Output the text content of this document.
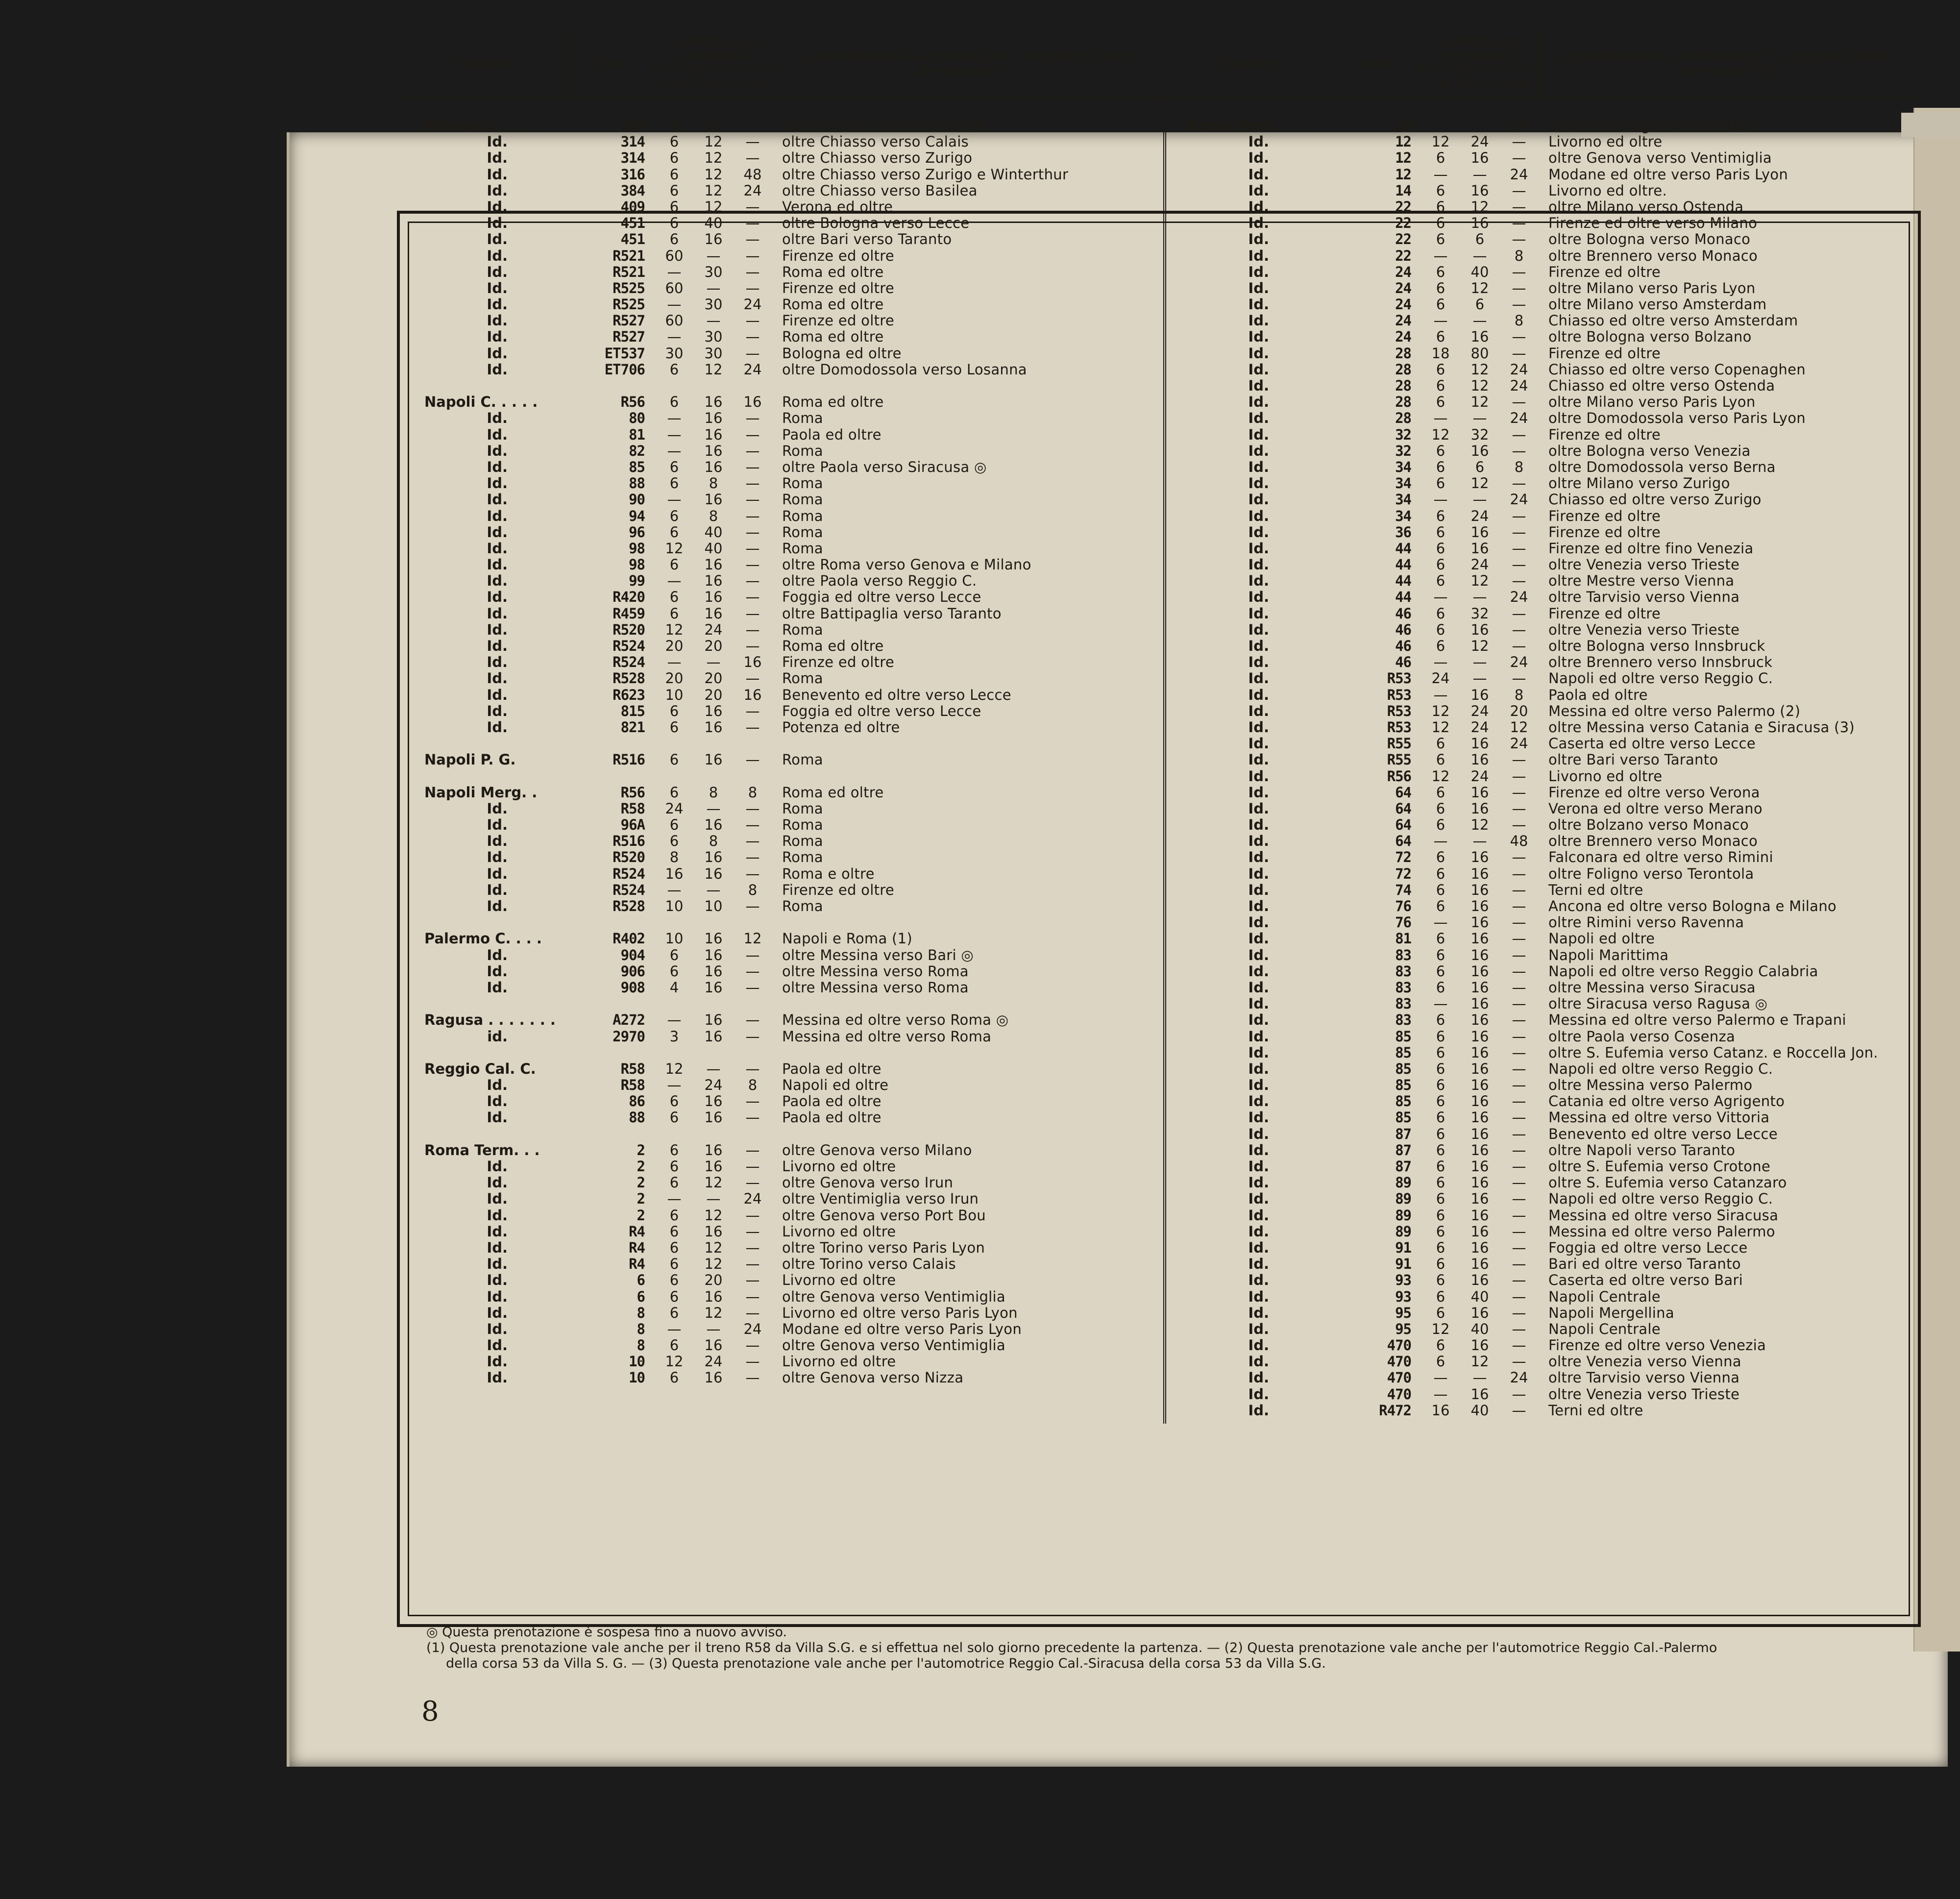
Stazione	Treno
Quantità posti prenotabili
1 cl. 2 cl. 3 cl.
La prenotazione è ammessa per i viaggiatori diretti alle stazioni di
Milano C. . . . .	314	6	12	—	oltre Chiasso verso Paris Est
Id.	314	6	12	—	oltre Chiasso verso Calais
Id.	314	6	12	—	oltre Chiasso verso Zurigo
Id.	316	6	12	48	oltre Chiasso verso Zurigo e Winterthur
Id.	384	6	12	24	oltre Chiasso verso Basilea
Id.	409	6	12	—	Verona ed oltre
Id.	451	6	40	—	oltre Bologna verso Lecce
Id.	451	6	16	—	oltre Bari verso Taranto
Id.	R521	60	—	—	Firenze ed oltre
Id.	R521	—	30	—	Roma ed oltre
Id.	R525	60	—	—	Firenze ed oltre
Id.	R525	—	30	24	Roma ed oltre
Id.	R527	60	—	—	Firenze ed oltre
Id.	R527	—	30	—	Roma ed oltre
Id.	ET537	30	30	—	Bologna ed oltre
Id.	ET706	6	12	24	oltre Domodossola verso Losanna
Napoli C. . . . .	R56	6	16	16	Roma ed oltre
Id.	80	—	16	—	Roma
Id.	81	—	16	—	Paola ed oltre
Id.	82	—	16	—	Roma
Id.	85	6	16	—	oltre Paola verso Siracusa ◎
Id.	88	6	8	—	Roma
Id.	90	—	16	—	Roma
Id.	94	6	8	—	Roma
Id.	96	6	40	—	Roma
Id.	98	12	40	—	Roma
Id.	98	6	16	—	oltre Roma verso Genova e Milano
Id.	99	—	16	—	oltre Paola verso Reggio C.
Id.	R420	6	16	—	Foggia ed oltre verso Lecce
Id.	R459	6	16	—	oltre Battipaglia verso Taranto
Id.	R520	12	24	—	Roma
Id.	R524	20	20	—	Roma ed oltre
Id.	R524	—	—	16	Firenze ed oltre
Id.	R528	20	20	—	Roma
Id.	R623	10	20	16	Benevento ed oltre verso Lecce
Id.	815	6	16	—	Foggia ed oltre verso Lecce
Id.	821	6	16	—	Potenza ed oltre
Napoli P. G.	R516	6	16	—	Roma
Napoli Merg. .	R56	6	8	8	Roma ed oltre
Id.	R58	24	—	—	Roma
Id.	96A	6	16	—	Roma
Id.	R516	6	8	—	Roma
Id.	R520	8	16	—	Roma
Id.	R524	16	16	—	Roma e oltre
Id.	R524	—	—	8	Firenze ed oltre
Id.	R528	10	10	—	Roma
Palermo C. . . .	R402	10	16	12	Napoli e Roma (1)
Id.	904	6	16	—	oltre Messina verso Bari ◎
Id.	906	6	16	—	oltre Messina verso Roma
Id.	908	4	16	—	oltre Messina verso Roma
Ragusa . . . . . . .	A272	—	16	—	Messina ed oltre verso Roma ◎
id.	2970	3	16	—	Messina ed oltre verso Roma
Reggio Cal. C.	R58	12	—	—	Paola ed oltre
Id.	R58	—	24	8	Napoli ed oltre
Id.	86	6	16	—	Paola ed oltre
Id.	88	6	16	—	Paola ed oltre
Roma Term. . .	2	6	16	—	oltre Genova verso Milano
Id.	2	6	16	—	Livorno ed oltre
Id.	2	6	12	—	oltre Genova verso Irun
Id.	2	—	—	24	oltre Ventimiglia verso Irun
Id.	2	6	12	—	oltre Genova verso Port Bou
Id.	R4	6	16	—	Livorno ed oltre
Id.	R4	6	12	—	oltre Torino verso Paris Lyon
Id.	R4	6	12	—	oltre Torino verso Calais
Id.	6	6	20	—	Livorno ed oltre
Id.	6	6	16	—	oltre Genova verso Ventimiglia
Id.	8	6	12	—	Livorno ed oltre verso Paris Lyon
Id.	8	—	—	24	Modane ed oltre verso Paris Lyon
Id.	8	6	16	—	oltre Genova verso Ventimiglia
Id.	10	12	24	—	Livorno ed oltre
Id.	10	6	16	—	oltre Genova verso Nizza
Stazione	Treno
Quantità posti prenotabili
1 cl. 2 cl. 3 cl.
La prenotazione è ammessa per i viaggiatori diretti alle stazioni di
Roma Term. . .	10	—	—	24	oltre Ventimiglia verso Nizza
Id.	12	12	24	—	Livorno ed oltre
Id.	12	6	16	—	oltre Genova verso Ventimiglia
Id.	12	—	—	24	Modane ed oltre verso Paris Lyon
Id.	14	6	16	—	Livorno ed oltre.
Id.	22	6	12	—	oltre Milano verso Ostenda
Id.	22	6	16	—	Firenze ed oltre verso Milano
Id.	22	6	6	—	oltre Bologna verso Monaco
Id.	22	—	—	8	oltre Brennero verso Monaco
Id.	24	6	40	—	Firenze ed oltre
Id.	24	6	12	—	oltre Milano verso Paris Lyon
Id.	24	6	6	—	oltre Milano verso Amsterdam
Id.	24	—	—	8	Chiasso ed oltre verso Amsterdam
Id.	24	6	16	—	oltre Bologna verso Bolzano
Id.	28	18	80	—	Firenze ed oltre
Id.	28	6	12	24	Chiasso ed oltre verso Copenaghen
Id.	28	6	12	24	Chiasso ed oltre verso Ostenda
Id.	28	6	12	—	oltre Milano verso Paris Lyon
Id.	28	—	—	24	oltre Domodossola verso Paris Lyon
Id.	32	12	32	—	Firenze ed oltre
Id.	32	6	16	—	oltre Bologna verso Venezia
Id.	34	6	6	8	oltre Domodossola verso Berna
Id.	34	6	12	—	oltre Milano verso Zurigo
Id.	34	—	—	24	Chiasso ed oltre verso Zurigo
Id.	34	6	24	—	Firenze ed oltre
Id.	36	6	16	—	Firenze ed oltre
Id.	44	6	16	—	Firenze ed oltre fino Venezia
Id.	44	6	24	—	oltre Venezia verso Trieste
Id.	44	6	12	—	oltre Mestre verso Vienna
Id.	44	—	—	24	oltre Tarvisio verso Vienna
Id.	46	6	32	—	Firenze ed oltre
Id.	46	6	16	—	oltre Venezia verso Trieste
Id.	46	6	12	—	oltre Bologna verso Innsbruck
Id.	46	—	—	24	oltre Brennero verso Innsbruck
Id.	R53	24	—	—	Napoli ed oltre verso Reggio C.
Id.	R53	—	16	8	Paola ed oltre
Id.	R53	12	24	20	Messina ed oltre verso Palermo (2)
Id.	R53	12	24	12	oltre Messina verso Catania e Siracusa (3)
Id.	R55	6	16	24	Caserta ed oltre verso Lecce
Id.	R55	6	16	—	oltre Bari verso Taranto
Id.	R56	12	24	—	Livorno ed oltre
Id.	64	6	16	—	Firenze ed oltre verso Verona
Id.	64	6	16	—	Verona ed oltre verso Merano
Id.	64	6	12	—	oltre Bolzano verso Monaco
Id.	64	—	—	48	oltre Brennero verso Monaco
Id.	72	6	16	—	Falconara ed oltre verso Rimini
Id.	72	6	16	—	oltre Foligno verso Terontola
Id.	74	6	16	—	Terni ed oltre
Id.	76	6	16	—	Ancona ed oltre verso Bologna e Milano
Id.	76	—	16	—	oltre Rimini verso Ravenna
Id.	81	6	16	—	Napoli ed oltre
Id.	83	6	16	—	Napoli Marittima
Id.	83	6	16	—	Napoli ed oltre verso Reggio Calabria
Id.	83	6	16	—	oltre Messina verso Siracusa
Id.	83	—	16	—	oltre Siracusa verso Ragusa ◎
Id.	83	6	16	—	Messina ed oltre verso Palermo e Trapani
Id.	85	6	16	—	oltre Paola verso Cosenza
Id.	85	6	16	—	oltre S. Eufemia verso Catanz. e Roccella Jon.
Id.	85	6	16	—	Napoli ed oltre verso Reggio C.
Id.	85	6	16	—	oltre Messina verso Palermo
Id.	85	6	16	—	Catania ed oltre verso Agrigento
Id.	85	6	16	—	Messina ed oltre verso Vittoria
Id.	87	6	16	—	Benevento ed oltre verso Lecce
Id.	87	6	16	—	oltre Napoli verso Taranto
Id.	87	6	16	—	oltre S. Eufemia verso Crotone
Id.	89	6	16	—	oltre S. Eufemia verso Catanzaro
Id.	89	6	16	—	Napoli ed oltre verso Reggio C.
Id.	89	6	16	—	Messina ed oltre verso Siracusa
Id.	89	6	16	—	Messina ed oltre verso Palermo
Id.	91	6	16	—	Foggia ed oltre verso Lecce
Id.	91	6	16	—	Bari ed oltre verso Taranto
Id.	93	6	16	—	Caserta ed oltre verso Bari
Id.	93	6	40	—	Napoli Centrale
Id.	95	6	16	—	Napoli Mergellina
Id.	95	12	40	—	Napoli Centrale
Id.	470	6	16	—	Firenze ed oltre verso Venezia
Id.	470	6	12	—	oltre Venezia verso Vienna
Id.	470	—	—	24	oltre Tarvisio verso Vienna
Id.	470	—	16	—	oltre Venezia verso Trieste
Id.	R472	16	40	—	Terni ed oltre

◎ Questa prenotazione è sospesa fino a nuovo avviso.

(1) Questa prenotazione vale anche per il treno R58 da Villa S.G. e si effettua nel solo giorno precedente la partenza. — (2) Questa prenotazione vale anche per l'automotrice Reggio Cal.-Palermo

della corsa 53 da Villa S. G. — (3) Questa prenotazione vale anche per l'automotrice Reggio Cal.-Siracusa della corsa 53 da Villa S.G.

8
